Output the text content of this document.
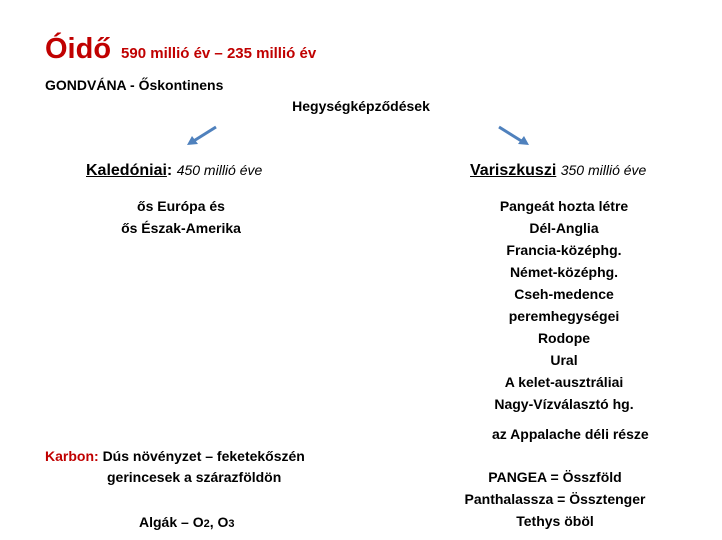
Óidő 590 millió év – 235 millió év
GONDVÁNA - Őskontinens
Hegységképződések
Kaledóniai: 450 millió éve
ős Európa és
ős Észak-Amerika
Variszkuszi 350 millió éve
Pangeát hozta létre
Dél-Anglia
Francia-középhg.
Német-középhg.
Cseh-medence
peremhegységei
Rodope
Ural
A kelet-ausztráliai
Nagy-Vízválasztó hg.
az Appalache déli része
Karbon: Dús növényzet – feketekőszén
gerincesek a szárazföldön
Algák – O2, O3
PANGEA = Összföld
Panthalassza = Össztenger
Tethys öböl
